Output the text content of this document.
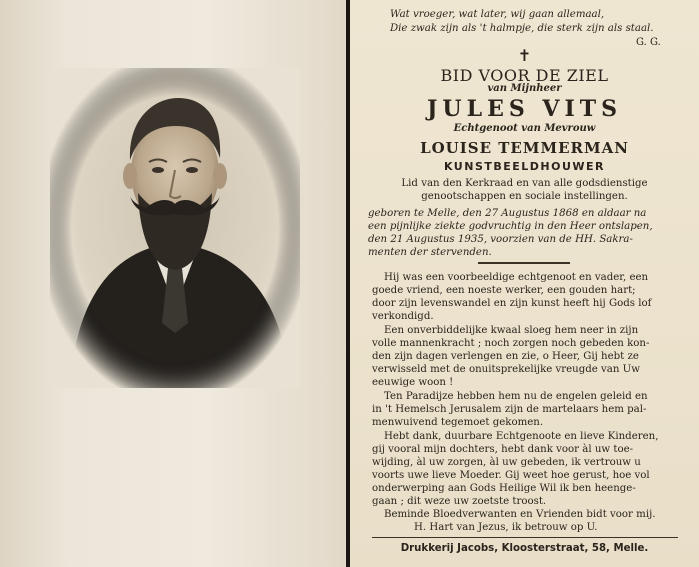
Wat vroeger, wat later, wij gaan allemaal,
Die zwak zijn als 't halmpje, die sterk zijn als staal.
G. G.
✝
BID VOOR DE ZIEL
van Mijnheer
JULES VITS
Echtgenoot van Mevrouw
LOUISE TEMMERMAN
KUNSTBEELDHOUWER
Lid van den Kerkraad en van alle godsdienstige
genootschappen en sociale instellingen.
geboren te Melle, den 27 Augustus 1868 en aldaar na
een pijnlijke ziekte godvruchtig in den Heer ontslapen,
den 21 Augustus 1935, voorzien van de HH. Sakra-
menten der stervenden.
Hij was een voorbeeldige echtgenoot en vader, een
goede vriend, een noeste werker, een gouden hart;
door zijn levenswandel en zijn kunst heeft hij Gods lof
verkondigd.
Een onverbiddelijke kwaal sloeg hem neer in zijn
volle mannenkracht ; noch zorgen noch gebeden kon-
den zijn dagen verlengen en zie, o Heer, Gij hebt ze
verwisseld met de onuitsprekelijke vreugde van Uw
eeuwige woon !
Ten Paradijze hebben hem nu de engelen geleid en
in 't Hemelsch Jerusalem zijn de martelaars hem pal-
menwuivend tegemoet gekomen.
Hebt dank, duurbare Echtgenoote en lieve Kinderen,
gij vooral mijn dochters, hebt dank voor àl uw toe-
wijding, àl uw zorgen, àl uw gebeden, ik vertrouw u
voorts uwe lieve Moeder. Gij weet hoe gerust, hoe vol
onderwerping aan Gods Heilige Wil ik ben heenge-
gaan ; dit weze uw zoetste troost.
Beminde Bloedverwanten en Vrienden bidt voor mij.
H. Hart van Jezus, ik betrouw op U.
Drukkerij Jacobs, Kloosterstraat, 58, Melle.
